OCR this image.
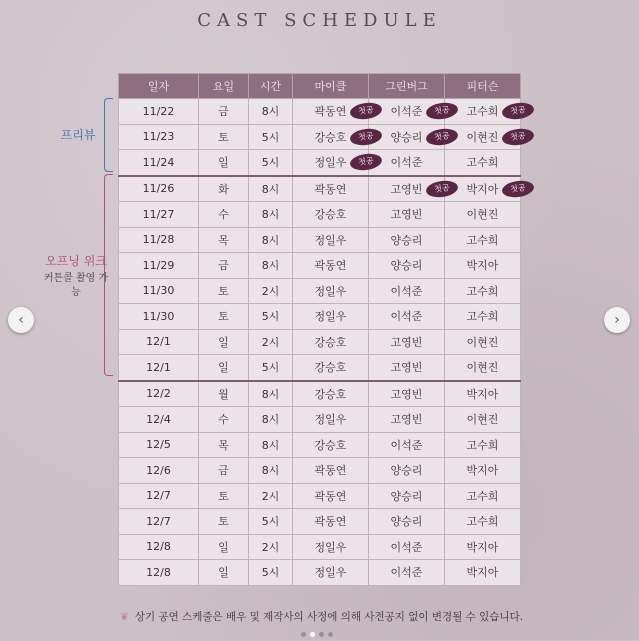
CAST SCHEDULE
프리뷰
오프닝 위크
커튼콜 촬영 가능
일자	요일	시간	마이클	그린버그	피터슨
11/22	금	8시	곽동연 첫공	이석준 첫공	고수희 첫공

11/23	토	5시	강승호 첫공	양승리 첫공	이현진 첫공

11/24	일	5시	정일우 첫공	이석준	고수희
11/26	화	8시	곽동연	고영빈 첫공	박지아 첫공

11/27	수	8시	강승호	고영빈	이현진
11/28	목	8시	정일우	양승리	고수희
11/29	금	8시	곽동연	양승리	박지아
11/30	토	2시	정일우	이석준	고수희
11/30	토	5시	정일우	이석준	고수희
12/1	일	2시	강승호	고영빈	이현진
12/1	일	5시	강승호	고영빈	이현진
12/2	월	8시	강승호	고영빈	박지아
12/4	수	8시	정일우	고영빈	이현진
12/5	목	8시	강승호	이석준	고수희
12/6	금	8시	곽동연	양승리	박지아
12/7	토	2시	곽동연	양승리	고수희
12/7	토	5시	곽동연	양승리	고수희
12/8	일	2시	정일우	이석준	박지아
12/8	일	5시	정일우	이석준	박지아
❦ 상기 공연 스케줄은 배우 및 제작사의 사정에 의해 사전공지 없이 변경될 수 있습니다.
‹	›
